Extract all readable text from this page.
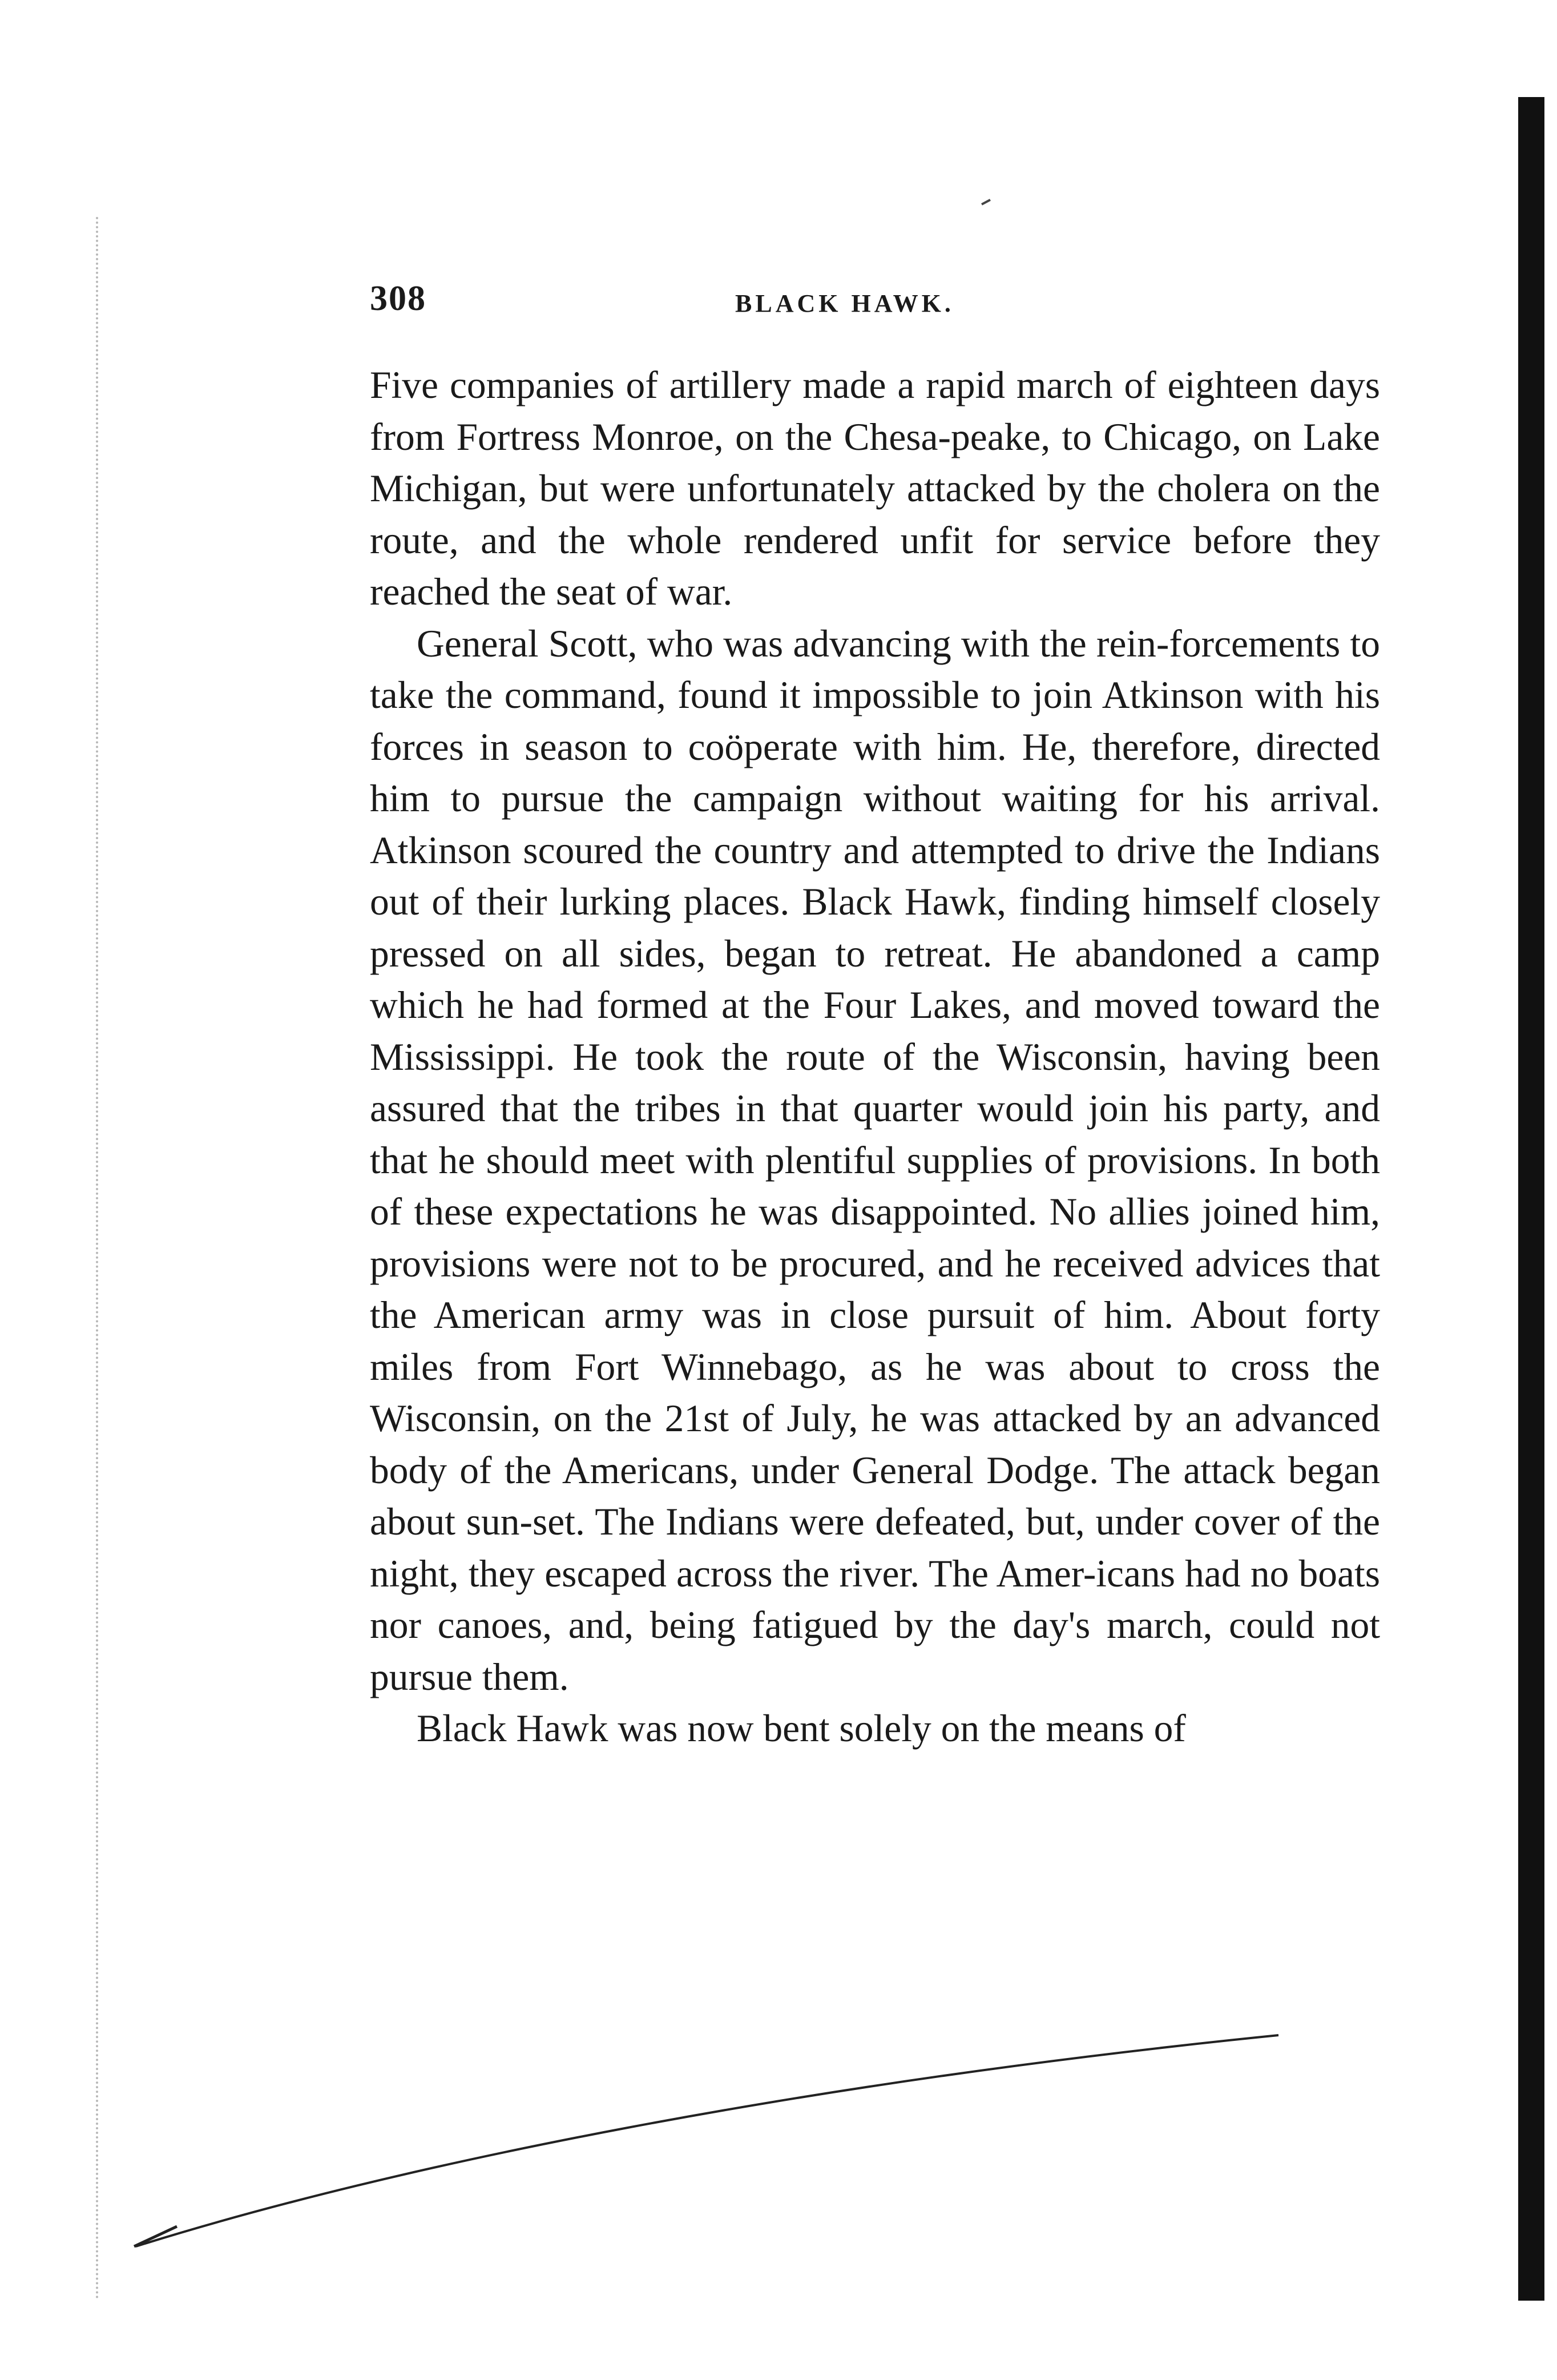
308	BLACK HAWK.

Five companies of artillery made a rapid march of eighteen days from Fortress Monroe, on the Chesa-peake, to Chicago, on Lake Michigan, but were unfortunately attacked by the cholera on the route, and the whole rendered unfit for service before they reached the seat of war.

General Scott, who was advancing with the rein-forcements to take the command, found it impossible to join Atkinson with his forces in season to coöperate with him. He, therefore, directed him to pursue the campaign without waiting for his arrival. Atkinson scoured the country and attempted to drive the Indians out of their lurking places. Black Hawk, finding himself closely pressed on all sides, began to retreat. He abandoned a camp which he had formed at the Four Lakes, and moved toward the Mississippi. He took the route of the Wisconsin, having been assured that the tribes in that quarter would join his party, and that he should meet with plentiful supplies of provisions. In both of these expectations he was disappointed. No allies joined him, provisions were not to be procured, and he received advices that the American army was in close pursuit of him. About forty miles from Fort Winnebago, as he was about to cross the Wisconsin, on the 21st of July, he was attacked by an advanced body of the Americans, under General Dodge. The attack began about sun-set. The Indians were defeated, but, under cover of the night, they escaped across the river. The Amer-icans had no boats nor canoes, and, being fatigued by the day's march, could not pursue them.

Black Hawk was now bent solely on the means of
